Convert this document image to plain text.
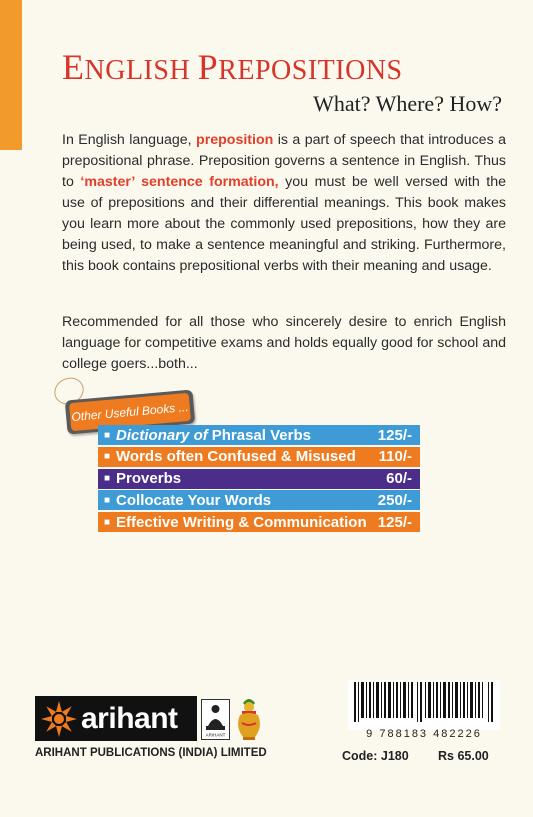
ENGLISH PREPOSITIONS
What? Where? How?
In English language, preposition is a part of speech that introduces a prepositional phrase. Preposition governs a sentence in English. Thus to ‘master’ sentence formation, you must be well versed with the use of prepositions and their differential meanings. This book makes you learn more about the commonly used prepositions, how they are being used, to make a sentence meaningful and striking. Furthermore, this book contains prepositional verbs with their meaning and usage.
Recommended for all those who sincerely desire to enrich English language for competitive exams and holds equally good for school and college goers...both...
Other Useful Books ...
■ Dictionary of Phrasal Verbs	125/-
■ Words often Confused & Misused 110/-
■ Proverbs	60/-
■ Collocate Your Words	250/-
■ Effective Writing & Communication 125/-
arihant
ARIHANT
ARIHANT PUBLICATIONS (INDIA) LIMITED
9 788183 482226
Code: J180 Rs 65.00
